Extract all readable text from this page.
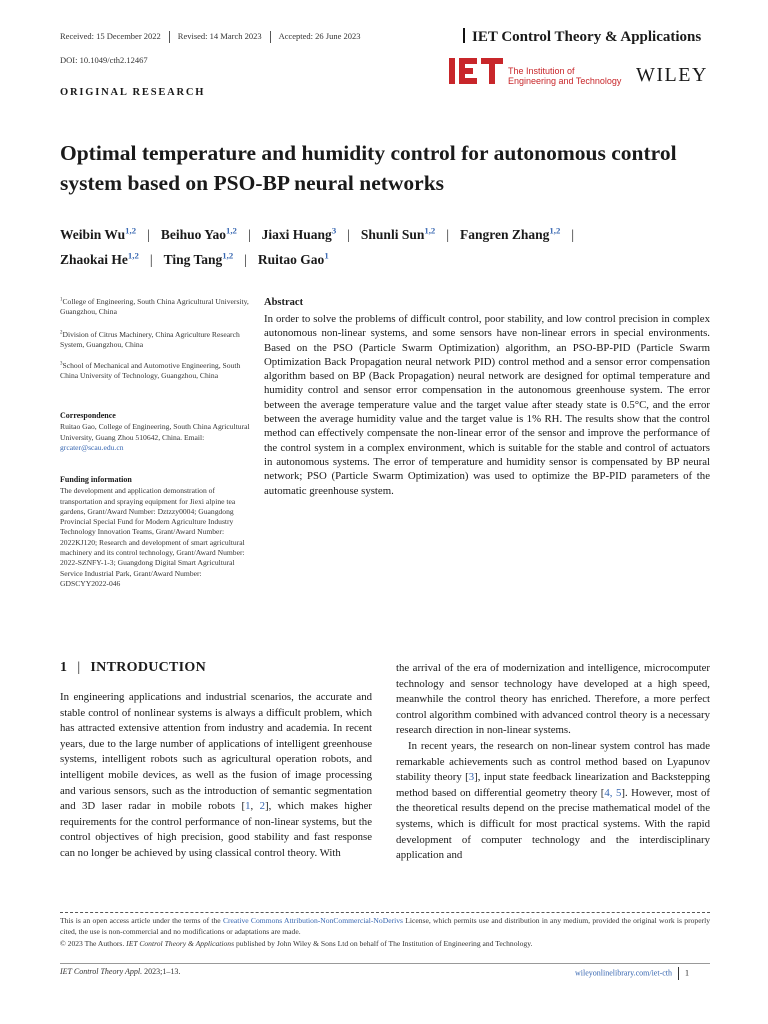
Received: 15 December 2022 Revised: 14 March 2023 Accepted: 26 June 2023	IET Control Theory & Applications
DOI: 10.1049/cth2.12467
The Institution of
Engineering and Technology WILEY
ORIGINAL RESEARCH
Optimal temperature and humidity control for autonomous control system based on PSO-BP neural networks
Weibin Wu$^{1,2}$ | Beihuo Yao$^{1,2}$ | Jiaxi Huang$^3$ | Shunli Sun$^{1,2}$ | Fangren Zhang$^{1,2}$ |
Zhaokai He$^{1,2}$ | Ting Tang$^{1,2}$ | Ruitao Gao$^1$
$^1$College of Engineering, South China Agricultural University, Guangzhou, China
$^2$Division of Citrus Machinery, China Agriculture Research System, Guangzhou, China
$^3$School of Mechanical and Automotive Engineering, South China University of Technology, Guangzhou, China
Correspondence
Ruitao Gao, College of Engineering, South China Agricultural University, Guang Zhou 510642, China. Email: grcater@scau.edu.cn
Funding information
The development and application demonstration of transportation and spraying equipment for Jiexi alpine tea gardens, Grant/Award Number: Dztzzy0004; Guangdong Provincial Special Fund for Modern Agriculture Industry Technology Innovation Teams, Grant/Award Number: 2022KJ120; Research and development of smart agricultural machinery and its control technology, Grant/Award Number: 2022-SZNFY-1-3; Guangdong Digital Smart Agricultural Service Industrial Park, Grant/Award Number: GDSCYY2022-046
Abstract
In order to solve the problems of difficult control, poor stability, and low control precision in complex autonomous non-linear systems, and some sensors have non-linear errors in special environments. Based on the PSO (Particle Swarm Optimization) algorithm, an PSO-BP-PID (Particle Swarm Optimization Back Propagation neural network PID) control method and a sensor error compensation algorithm based on BP (Back Propagation) neural network are designed for optimal temperature and humidity control and sensor error compensation in the autonomous greenhouse system. The error between the average temperature value and the target value after steady state is 0.5°C, and the error between the average humidity value and the target value is 1% RH. The results show that the control method can effectively compensate the non-linear error of the sensor and improve the performance of the control system in a complex environment, which is suitable for the stable and control of actuators in autonomous systems. The error of temperature and humidity sensor is compensated by BP neural network; PSO (Particle Swarm Optimization) was used to optimize the BP-PID parameters of the automatic greenhouse system.
1 | INTRODUCTION
In engineering applications and industrial scenarios, the accurate and stable control of nonlinear systems is always a difficult problem, which has attracted extensive attention from industry and academia. In recent years, due to the large number of applications of intelligent greenhouse systems, intelligent robots such as agricultural operation robots, and intelligent mobile devices, as well as the fusion of image processing and various sensors, such as the introduction of semantic segmentation and 3D laser radar in mobile robots [1, 2], which makes higher requirements for the control performance of non-linear systems, but the control objectives of high precision, good stability and fast response can no longer be achieved by using classical control theory. With

the arrival of the era of modernization and intelligence, microcomputer technology and sensor technology have developed at a high speed, meanwhile the control theory has enriched. Therefore, a more perfect control algorithm combined with advanced control theory is a necessary research direction in non-linear systems.

In recent years, the research on non-linear system control has made remarkable achievements such as control method based on Lyapunov stability theory [3], input state feedback linearization and Backstepping method based on differential geometry theory [4, 5]. However, most of the theoretical results depend on the precise mathematical model of the systems, which is difficult for most practical systems. With the rapid development of computer technology and the interdisciplinary application and

This is an open access article under the terms of the Creative Commons Attribution-NonCommercial-NoDerivs License, which permits use and distribution in any medium, provided the original work is properly cited, the use is non-commercial and no modifications or adaptations are made.
© 2023 The Authors. IET Control Theory & Applications published by John Wiley & Sons Ltd on behalf of The Institution of Engineering and Technology.
IET Control Theory Appl. 2023;1–13.	wileyonlinelibrary.com/iet-cth 1
